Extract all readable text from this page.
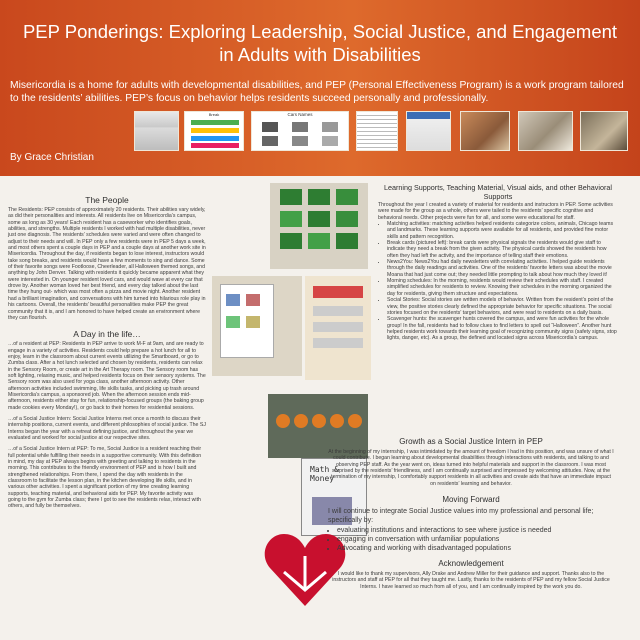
PEP Ponderings: Exploring Leadership, Social Justice, and Engagement in Adults with Disabilities
Misericordia is a home for adults with developmental disabilities, and PEP (Personal Effectiveness Program) is a work program tailored to the residents’ abilities. PEP’s focus on behavior helps residents succeed personally and professionally.
By Grace Christian
Break	Cars Names
The People

The Residents: PEP consists of approximately 20 residents. Their abilities vary widely, as did their personalities and interests. All residents live on Misericordia’s campus, some as long as 30 years! Each resident has a caseworker who identifies goals, abilities, and strengths. Multiple residents I worked with had multiple disabilities, never just one diagnosis. The residents’ schedules were varied and were often changed to adjust to their needs and will. In PEP only a few residents were in PEP 5 days a week, and most others spent a couple days in PEP and a couple days at another work site in Misericordia. Throughout the day, if residents began to lose interest, instructors would take song breaks, and residents would have a few moments to sing and dance. Some of their favorite songs were Footloose, Cheerleader, all Halloween themed songs, and anything by John Denver. Talking with residents it quickly became apparent what they were interested in. On younger resident loved cars, and would wave at every car that drove by. Another woman loved her best friend, and every day talked about the last time they hung out- which was most often a pizza and movie night. Another resident had a brilliant imagination, and conversations with him turned into hilarious role play in his cartoons. Overall, the residents’ beautiful personalities make PEP the great community that it is, and I am honored to have helped create an environment where they can flourish.

A Day in the life…

…of a resident at PEP: Residents in PEP arrive to work M-F at 9am, and are ready to engage in a variety of activities. Residents could help prepare a hot lunch for all to enjoy, learn in the classroom about current events utilizing the Smartboard, or go to Zumba class. After a hot lunch selected and chosen by residents, residents can relax in the Sensory Room, or create art in the Art Therapy room. The Sensory room has soft lighting, relaxing music, and helped residents focus on their sensory systems. The Sensory room was also used for yoga class, another afternoon activity. Other afternoon activities included swimming, life skills tasks, and picking up trash around Misericordia’s campus, a sponsored job. When the afternoon session ends mid-afternoon, residents either stay for fun, relationship-focused groups (the baking group made cookies every Monday!), or go back to their homes for residential sessions.

…of a Social Justice Intern: Social Justice Interns met once a month to discuss their internship positions, current events, and different philosophies of social justice. The SJ Interns began the year with a retreat defining justice, and throughout the year we evaluated and worked for social justice at our respective sites.

…of a Social Justice Intern at PEP: To me, Social Justice is a resident reaching their full potential while fulfilling their needs in a supportive community. With this definition in mind, my day at PEP always begins with greeting and talking to residents in the morning. This contributes to the friendly environment of PEP and is how I built and strengthened relationships. From there, I spend the day with residents in the classroom to facilitate the lesson plan, in the kitchen developing life skills, and in various other activities. I spent a significant portion of my time creating learning supports, teaching material, and behavioral aids for PEP. My favorite activity was going to the gym for Zumba class; there I got to see the residents relax, interact with others, and fully be themselves.

Math & Money
Learning Supports, Teaching Material, Visual aids, and other Behavioral Supports

Throughout the year I created a variety of material for residents and instructors in PEP. Some activities were made for the group as a whole, others were tailed to the residents’ specific cognitive and behavioral needs. Other projects were fun for all, and some were educational for staff.

• Matching activities: matching activities helped residents categorize colors, animals, Chicago teams and landmarks. These learning supports were available for all residents, and provided fine motor skills and pattern recognition.
• Break cards (pictured left): break cards were physical signals the residents would give staff to indicate they need a break from the given activity. The physical cards showed the residents how often they had left the activity, and the importance of telling staff their emotions.
• News2You: News2You had daily newsletters with correlating activities. I helped guide residents through the daily readings and activities. One of the residents’ favorite letters was about the movie Moana that had just come out; they needed little prompting to talk about how much they loved it!
• Morning schedules: In the morning, residents would review their schedules with staff. I created simplified schedules for residents to review. Knowing their schedules in the morning organized the day for residents, giving them structure and expectations.
• Social Stories: Social stories are written models of behavior. Written from the resident’s point of the view, the positive stories clearly defined the appropriate behavior for specific situations. The social stories focused on the residents’ target behaviors, and were read to residents on a daily basis.
• Scavenger hunts: the scavenger hunts covered the campus, and were fun activities for the whole group! In the fall, residents had to follow clues to find letters to spell out “Halloween”. Another hunt helped residents work towards their learning goal of recognizing community signs (safety signs, stop lights, danger, etc). As a group, the defined and located signs across Misericordia’s campus.
Growth as a Social Justice Intern in PEP

At the beginning of my internship, I was intimidated by the amount of freedom I had in this position, and was unsure of what I could contribute. I began learning about developmental disabilities through interactions with residents, and talking to and observing PEP staff. As the year went on, ideas turned into helpful materials and support in the classroom. I was most surprised by the residents’ friendliness, and I am continually surprised and impressed by welcoming attitudes. Now, at the termination of my internship, I comfortably support residents in all activities and create aids that have an immediate impact on residents’ learning and behavior.

Moving Forward

I will continue to integrate Social Justice values into my professional and personal life; specifically by:

• evaluating institutions and interactions to see where justice is needed
• engaging in conversation with unfamiliar populations
• Advocating and working with disadvantaged populations
Acknowledgement

I would like to thank my supervisors, Ally Drake and Andrew Miller for their guidance and support. Thanks also to the instructors and staff at PEP for all that they taught me. Lastly, thanks to the residents of PEP and my fellow Social Justice Interns. I have learned so much from all of you, and I am continually inspired by the work you do.
